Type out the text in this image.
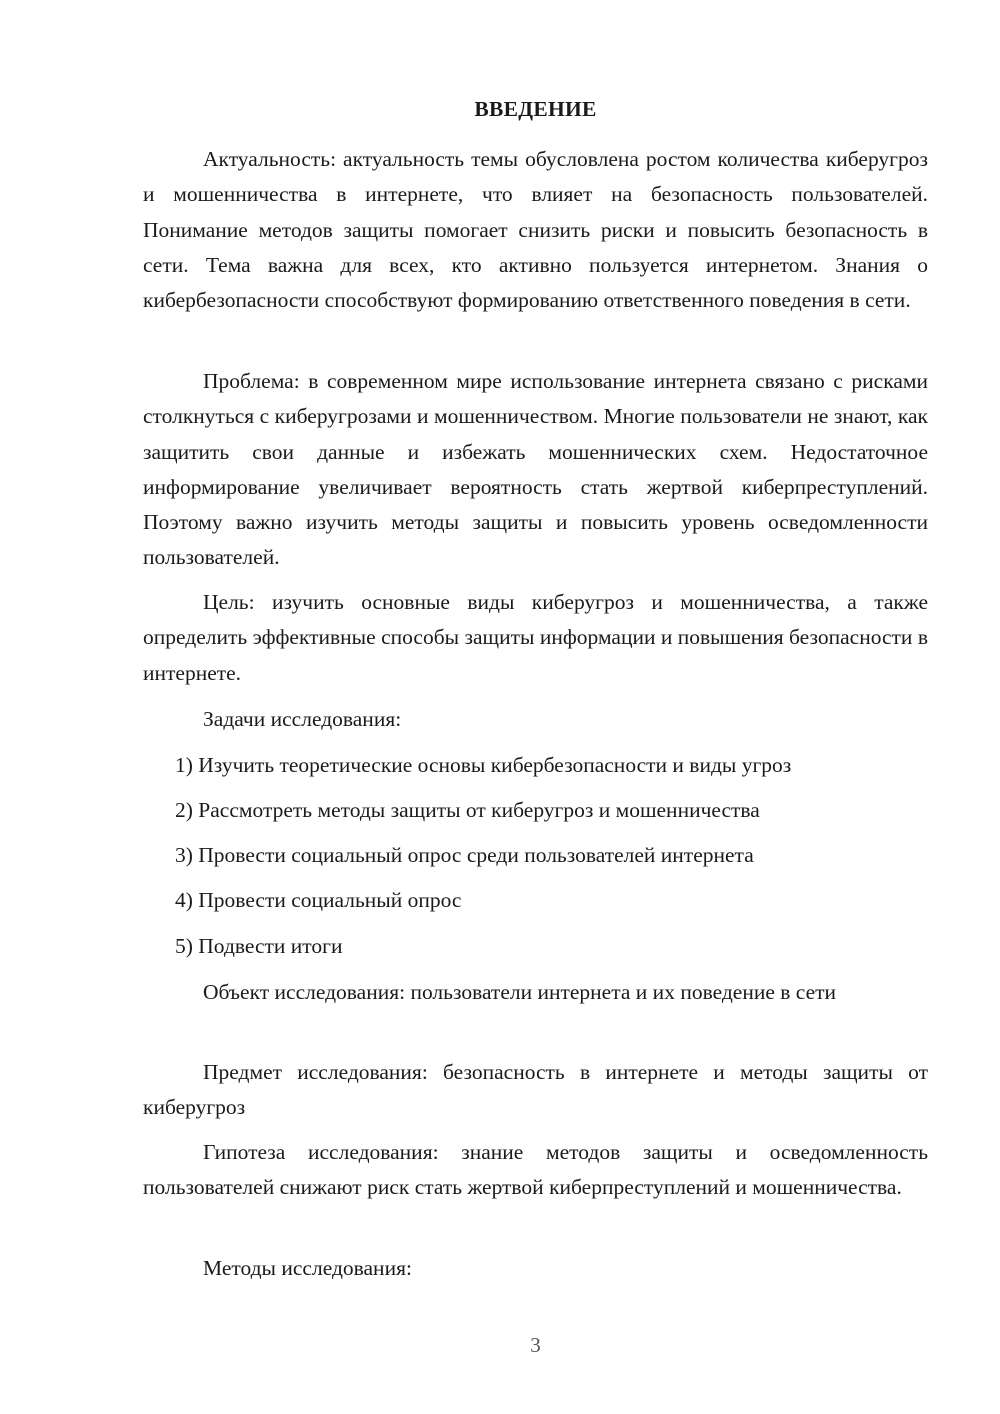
ВВЕДЕНИЕ

Актуальность: актуальность темы обусловлена ростом количества киберугроз и мошенничества в интернете, что влияет на безопасность пользователей. Понимание методов защиты помогает снизить риски и повысить безопасность в сети. Тема важна для всех, кто активно пользуется интернетом. Знания о кибербезопасности способствуют формированию ответственного поведения в сети.

Проблема: в современном мире использование интернета связано с рисками столкнуться с киберугрозами и мошенничеством. Многие пользователи не знают, как защитить свои данные и избежать мошеннических схем. Недостаточное информирование увеличивает вероятность стать жертвой киберпреступлений. Поэтому важно изучить методы защиты и повысить уровень осведомленности пользователей.

Цель: изучить основные виды киберугроз и мошенничества, а также определить эффективные способы защиты информации и повышения безопасности в интернете.

Задачи исследования:
1) Изучить теоретические основы кибербезопасности и виды угроз
2) Рассмотреть методы защиты от киберугроз и мошенничества
3) Провести социальный опрос среди пользователей интернета
4) Провести социальный опрос
5) Подвести итоги

Объект исследования: пользователи интернета и их поведение в сети

Предмет исследования: безопасность в интернете и методы защиты от киберугроз

Гипотеза исследования: знание методов защиты и осведомленность пользователей снижают риск стать жертвой киберпреступлений и мошенничества.

Методы исследования:
3
